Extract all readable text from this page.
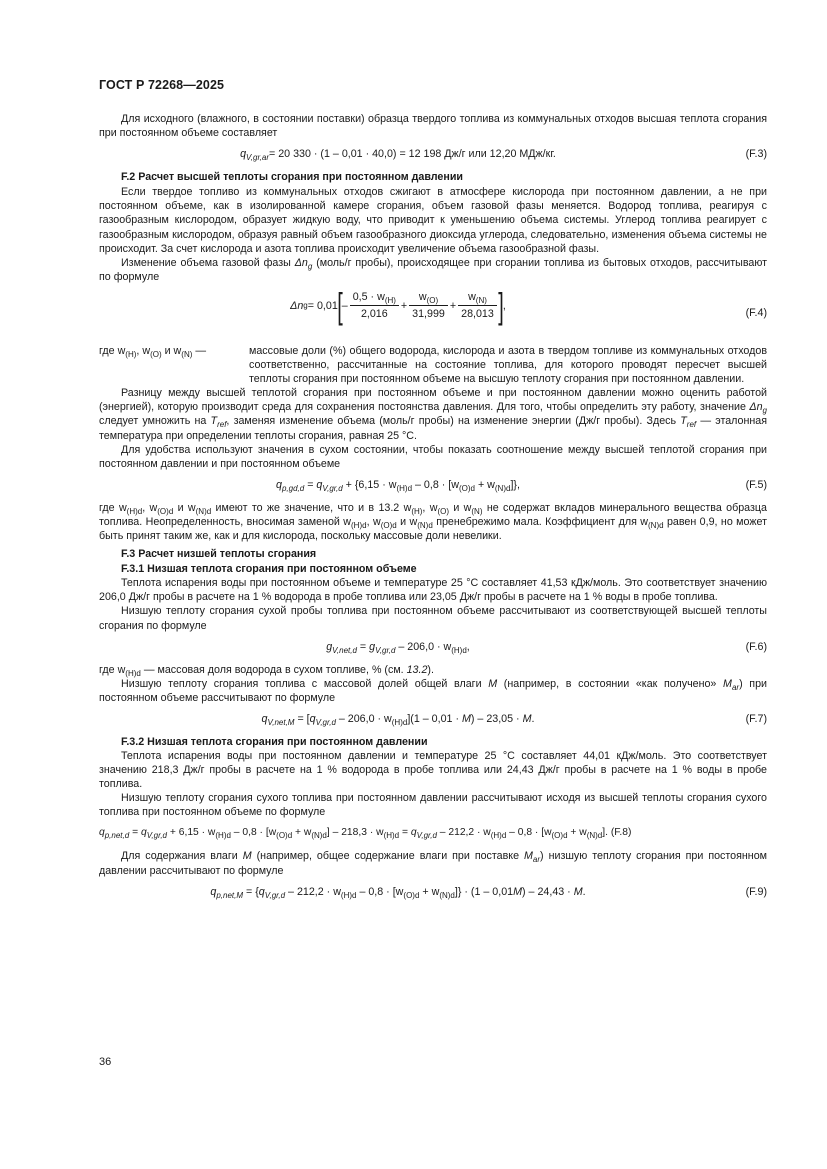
ГОСТ Р 72268—2025

Для исходного (влажного, в состоянии поставки) образца твердого топлива из коммунальных отходов высшая теплота сгорания при постоянном объеме составляет

$q_{V,gr,ar}= 20$ 330 · (1 – 0,01 · 40,0) = 12 198 Дж/г или 12,20 МДж/кг.	(F.3)

F.2 Расчет высшей теплоты сгорания при постоянном давлении

Если твердое топливо из коммунальных отходов сжигают в атмосфере кислорода при постоянном давлении, а не при постоянном объеме, как в изолированной камере сгорания, объем газовой фазы меняется. Водород топлива, реагируя с газообразным кислородом, образует жидкую воду, что приводит к уменьшению объема системы. Углерод топлива реагирует с газообразным кислородом, образуя равный объем газообразного диоксида углерода, следовательно, изменения объема системы не происходит. За счет кислорода и азота топлива происходит увеличение объема газообразной фазы.

Изменение объема газовой фазы $\Delta n_g$ (моль/г пробы), происходящее при сгорании топлива из бытовых отходов, рассчитывают по формуле

Δn g = 0,01 [ – $\frac{0,5 \cdot w_{(H)}}{2,016} + \frac{w_{(O)}}{31,999} + \frac{w_{(N)}}{28,013}$ ] ,
(F.4)
где $w_{(H)}$, $w_{(O)}$ и $w_{(N)}$ —	массовые доли (%) общего водорода, кислорода и азота в твердом топливе из коммунальных отходов соответственно, рассчитанные на состояние топлива, для которого проводят пересчет высшей теплоты сгорания при постоянном объеме на высшую теплоту сгорания при постоянном давлении.

Разницу между высшей теплотой сгорания при постоянном объеме и при постоянном давлении можно оценить работой (энергией), которую производит среда для сохранения постоянства давления. Для того, чтобы определить эту работу, значение $\Delta n_g$ следует умножить на $T_{ref}$, заменяя изменение объема (моль/г пробы) на изменение энергии (Дж/г пробы). Здесь $T_{ref}$ — эталонная температура при определении теплоты сгорания, равная 25 °С.

Для удобства используют значения в сухом состоянии, чтобы показать соотношение между высшей теплотой сгорания при постоянном давлении и при постоянном объеме

$q_{p,gd,d} = q_{V,gr,d} + \{6,15 \cdot w_{(H)d} - 0,8 \cdot [w_{(O)d} + w_{(N)d}]\}$,	(F.5)

где $w_{(H)d}$, $w_{(O)d}$ и $w_{(N)d}$ имеют то же значение, что и в 13.2 $w_{(H)}$, $w_{(O)}$ и $w_{(N)}$ не содержат вкладов минерального вещества образца топлива. Неопределенность, вносимая заменой $w_{(H)d}$, $w_{(O)d}$ и $w_{(N)d}$ пренебрежимо мала. Коэффициент для $w_{(N)d}$ равен 0,9, но может быть принят таким же, как и для кислорода, поскольку массовые доли невелики.

F.3 Расчет низшей теплоты сгорания

F.3.1 Низшая теплота сгорания при постоянном объеме

Теплота испарения воды при постоянном объеме и температуре 25 °С составляет 41,53 кДж/моль. Это соответствует значению 206,0 Дж/г пробы в расчете на 1 % водорода в пробе топлива или 23,05 Дж/г пробы в расчете на 1 % воды в пробе топлива.

Низшую теплоту сгорания сухой пробы топлива при постоянном объеме рассчитывают из соответствующей высшей теплоты сгорания по формуле

$g_{V,net,d} = g_{V,gr,d} - 206,0 \cdot w_{(H)d}$,	(F.6)

где $w_{(H)d}$ — массовая доля водорода в сухом топливе, % (см. 13.2).

Низшую теплоту сгорания топлива с массовой долей общей влаги M (например, в состоянии «как получено» $M_{ar}$) при постоянном объеме рассчитывают по формуле

$q_{V,net,M} = [q_{V,gr,d} - 206,0 \cdot w_{(H)d}](1 - 0,01 \cdot M) - 23,05 \cdot M$.	(F.7)

F.3.2 Низшая теплота сгорания при постоянном давлении

Теплота испарения воды при постоянном давлении и температуре 25 °С составляет 44,01 кДж/моль. Это соответствует значению 218,3 Дж/г пробы в расчете на 1 % водорода в пробе топлива или 24,43 Дж/г пробы в расчете на 1 % воды в пробе топлива.

Низшую теплоту сгорания сухого топлива при постоянном давлении рассчитывают исходя из высшей теплоты сгорания сухого топлива при постоянном объеме по формуле

$q_{p,net,d} = q_{V,gr,d} + 6,15 \cdot w_{(H)d} - 0,8 \cdot [w_{(O)d} + w_{(N)d}] - 218,3 \cdot w_{(H)d} = q_{V,gr,d} - 212,2 \cdot w_{(H)d} - 0,8 \cdot [w_{(O)d} + w_{(N)d}]$. (F.8)

Для содержания влаги M (например, общее содержание влаги при поставке $M_{ar}$) низшую теплоту сгорания при постоянном давлении рассчитывают по формуле

$q_{p,net,M} = \{q_{V,gr,d} - 212,2 \cdot w_{(H)d} - 0,8 \cdot [w_{(O)d} + w_{(N)d}]\} \cdot (1 - 0,01M) - 24,43 \cdot M$.	(F.9)
36
